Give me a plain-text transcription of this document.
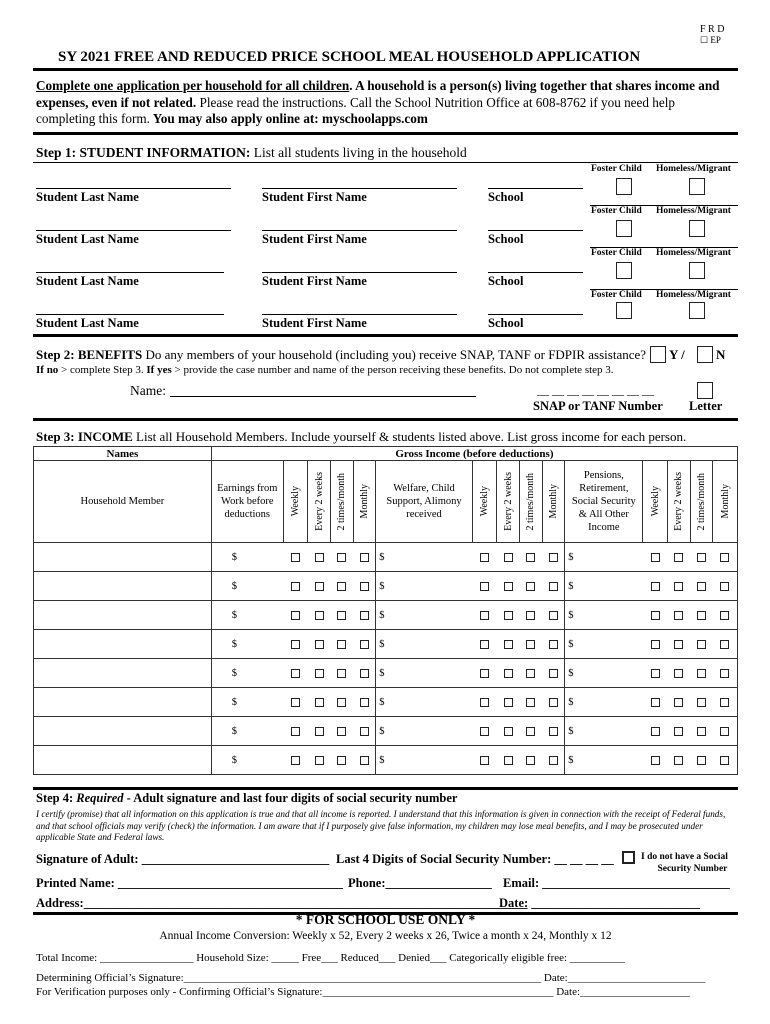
F R D
☐ EP
SY 2021 FREE AND REDUCED PRICE SCHOOL MEAL HOUSEHOLD APPLICATION
Complete one application per household for all children. A household is a person(s) living together that shares income and expenses, even if not related. Please read the instructions. Call the School Nutrition Office at 608-8762 if you need help completing this form. You may also apply online at: myschoolapps.com
Step 1: STUDENT INFORMATION: List all students living in the household
Foster Child Homeless/Migrant
Student Last Name	Student First Name	School
Foster Child Homeless/Migrant
Student Last Name	Student First Name	School
Foster Child Homeless/Migrant
Student Last Name	Student First Name	School
Foster Child Homeless/Migrant
Student Last Name	Student First Name	School
Step 2: BENEFITS Do any members of your household (including you) receive SNAP, TANF or FDPIR assistance? Y / N
If no > complete Step 3. If yes > provide the case number and name of the person receiving these benefits. Do not complete step 3.
Name:	__ __ __ __ __ __ __ __
SNAP or TANF Number Letter
Step 3: INCOME List all Household Members. Include yourself & students listed above. List gross income for each person.
Names	Gross Income (before deductions)														
Household Member	Earnings from Work before deductions	Weekly	Every 2 weeks	2 times/month	Monthly	Welfare, Child Support, Alimony received	Weekly	Every 2 weeks	2 times/month	Monthly	Pensions, Retirement, Social Security & All Other Income	Weekly	Every 2 weeks	2 times/month	Monthly

	$					$					$				
	$					$					$				
	$					$					$				
	$					$					$				
	$					$					$				
	$					$					$				
	$					$					$				
	$					$					$				
Step 4: Required - Adult signature and last four digits of social security number
I certify (promise) that all information on this application is true and that all income is reported. I understand that this information is given in connection with the receipt of Federal funds, and that school officials may verify (check) the information. I am aware that if I purposely give false information, my children may lose meal benefits, and I may be prosecuted under applicable State and Federal laws.
Signature of Adult: ______________________________ Last 4 Digits of Social Security Number: __ __ __ __	I do not have a Social
Security Number
Printed Name: ____________________________________ Phone:_________________ Email: ______________________________
Address:_______________________________________________________________________
Date: ___________________________
* FOR SCHOOL USE ONLY *
Annual Income Conversion: Weekly x 52, Every 2 weeks x 26, Twice a month x 24, Monthly x 12
Total Income: _________________ Household Size: _____ Free___ Reduced___ Denied___ Categorically eligible free: __________
Determining Official’s Signature:_________________________________________________________________ Date:_________________________
For Verification purposes only - Confirming Official’s Signature:__________________________________________ Date:____________________
